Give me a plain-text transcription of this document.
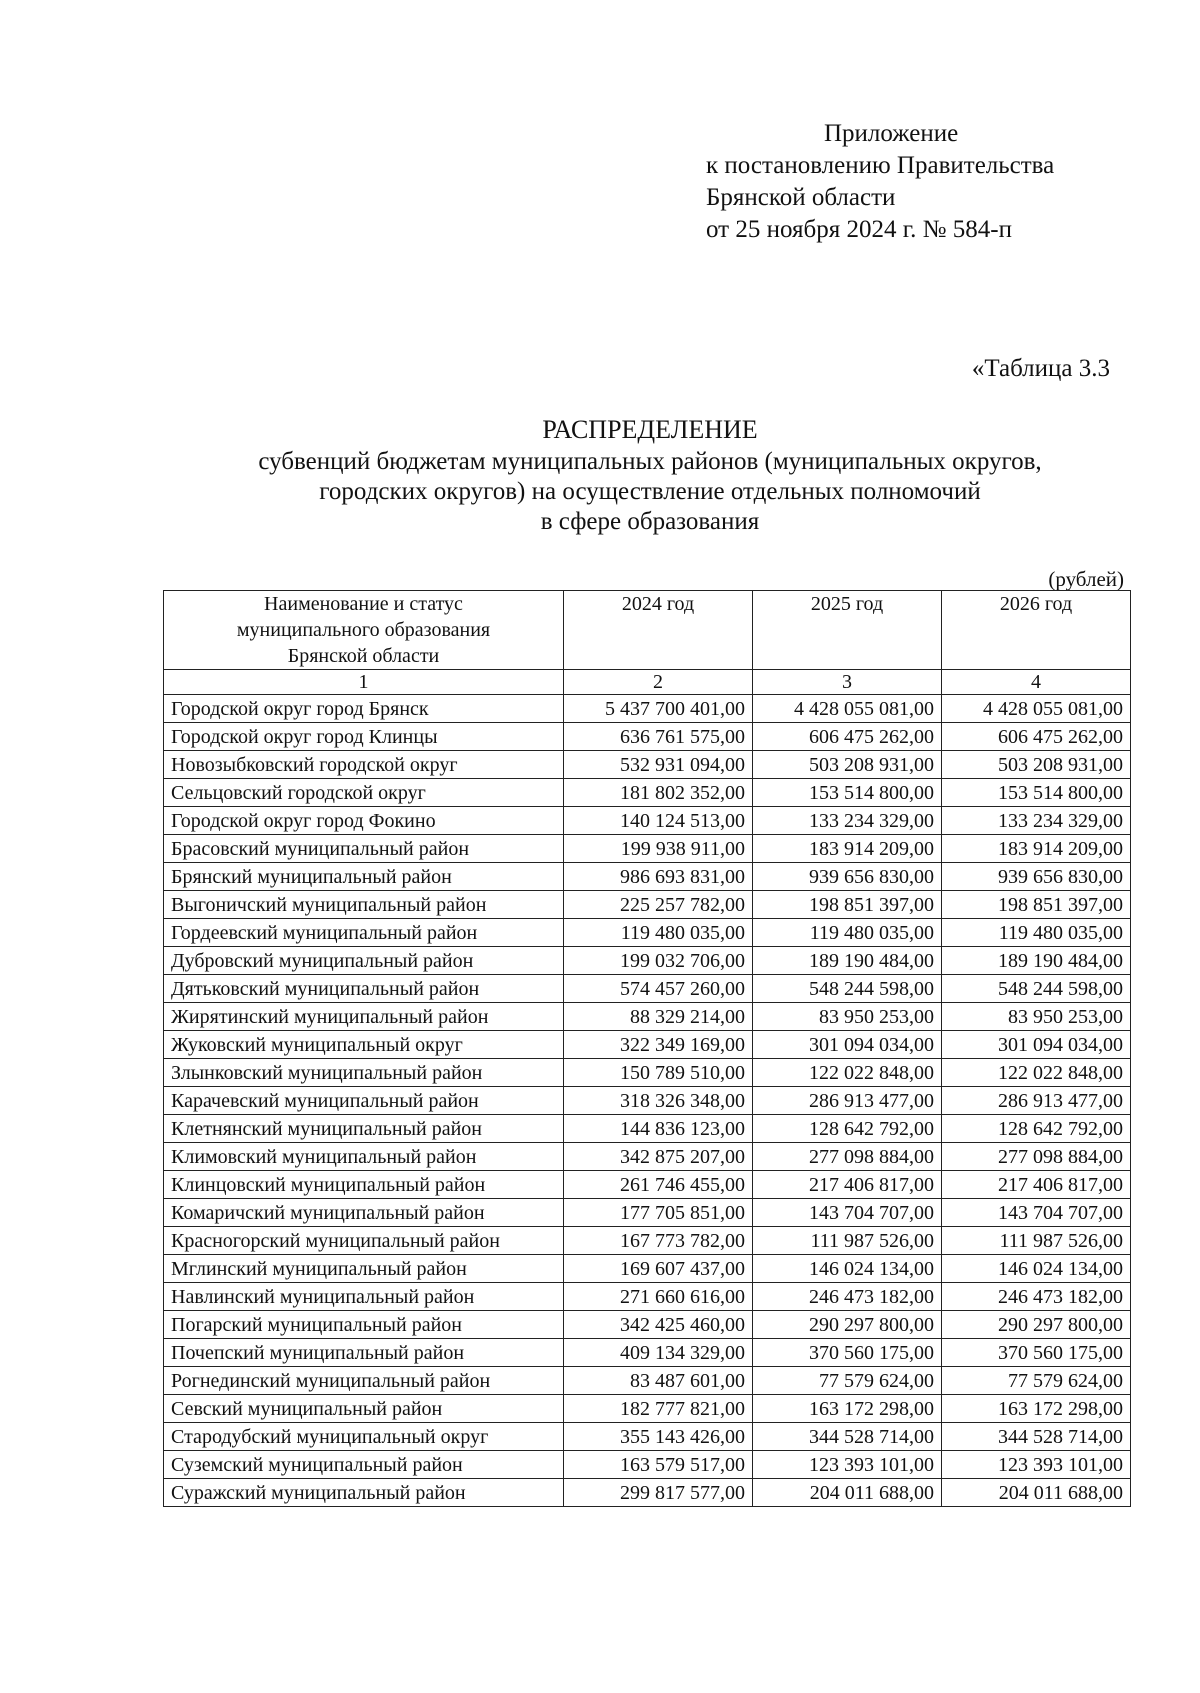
Приложение
к постановлению Правительства
Брянской области
от 25 ноября 2024 г. № 584-п
«Таблица 3.3
РАСПРЕДЕЛЕНИЕ
субвенций бюджетам муниципальных районов (муниципальных округов,
городских округов) на осуществление отдельных полномочий
в сфере образования
(рублей)
Наименование и статус
муниципального образования
Брянской области	2024 год	2025 год	2026 год
1	2	3	4
Городской округ город Брянск	5 437 700 401,00	4 428 055 081,00	4 428 055 081,00
Городской округ город Клинцы	636 761 575,00	606 475 262,00	606 475 262,00
Новозыбковский городской округ	532 931 094,00	503 208 931,00	503 208 931,00
Сельцовский городской округ	181 802 352,00	153 514 800,00	153 514 800,00
Городской округ город Фокино	140 124 513,00	133 234 329,00	133 234 329,00
Брасовский муниципальный район	199 938 911,00	183 914 209,00	183 914 209,00
Брянский муниципальный район	986 693 831,00	939 656 830,00	939 656 830,00
Выгоничский муниципальный район	225 257 782,00	198 851 397,00	198 851 397,00
Гордеевский муниципальный район	119 480 035,00	119 480 035,00	119 480 035,00
Дубровский муниципальный район	199 032 706,00	189 190 484,00	189 190 484,00
Дятьковский муниципальный район	574 457 260,00	548 244 598,00	548 244 598,00
Жирятинский муниципальный район	88 329 214,00	83 950 253,00	83 950 253,00
Жуковский муниципальный округ	322 349 169,00	301 094 034,00	301 094 034,00
Злынковский муниципальный район	150 789 510,00	122 022 848,00	122 022 848,00
Карачевский муниципальный район	318 326 348,00	286 913 477,00	286 913 477,00
Клетнянский муниципальный район	144 836 123,00	128 642 792,00	128 642 792,00
Климовский муниципальный район	342 875 207,00	277 098 884,00	277 098 884,00
Клинцовский муниципальный район	261 746 455,00	217 406 817,00	217 406 817,00
Комаричский муниципальный район	177 705 851,00	143 704 707,00	143 704 707,00
Красногорский муниципальный район	167 773 782,00	111 987 526,00	111 987 526,00
Мглинский муниципальный район	169 607 437,00	146 024 134,00	146 024 134,00
Навлинский муниципальный район	271 660 616,00	246 473 182,00	246 473 182,00
Погарский муниципальный район	342 425 460,00	290 297 800,00	290 297 800,00
Почепский муниципальный район	409 134 329,00	370 560 175,00	370 560 175,00
Рогнединский муниципальный район	83 487 601,00	77 579 624,00	77 579 624,00
Севский муниципальный район	182 777 821,00	163 172 298,00	163 172 298,00
Стародубский муниципальный округ	355 143 426,00	344 528 714,00	344 528 714,00
Суземский муниципальный район	163 579 517,00	123 393 101,00	123 393 101,00
Суражский муниципальный район	299 817 577,00	204 011 688,00	204 011 688,00
